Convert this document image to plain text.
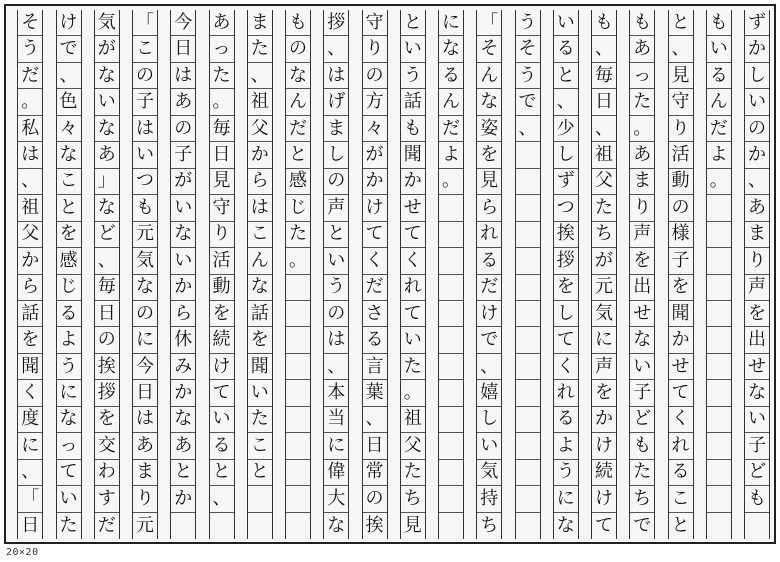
ず
か
し
い
の
か
、
あ
ま
り
声
を
出
せ
な
い
子
ど
も
も
い
る
ん
だ
よ
。
と
、
見
守
り
活
動
の
様
子
を
聞
か
せ
て
く
れ
る
こ
と
も
あ
っ
た
。
あ
ま
り
声
を
出
せ
な
い
子
ど
も
た
ち
で
も
、
毎
日
、
祖
父
た
ち
が
元
気
に
声
を
か
け
続
け
て
い
る
と
、
少
し
ず
つ
挨
拶
を
し
て
く
れ
る
よ
う
に
な
う
そ
う
で
、
「
そ
ん
な
姿
を
見
ら
れ
る
だ
け
で
、
嬉
し
い
気
持
ち
に
な
る
ん
だ
よ
。
と
い
う
話
も
聞
か
せ
て
く
れ
て
い
た
。
祖
父
た
ち
見
守
り
の
方
々
が
か
け
て
く
だ
さ
る
言
葉
、
日
常
の
挨
拶
、
は
げ
ま
し
の
声
と
い
う
の
は
、
本
当
に
偉
大
な
も
の
な
ん
だ
と
感
じ
た
。
ま
た
、
祖
父
か
ら
は
こ
ん
な
話
を
聞
い
た
こ
と
あ
っ
た
。
毎
日
見
守
り
活
動
を
続
け
て
い
る
と
、
今
日
は
あ
の
子
が
い
な
い
か
ら
休
み
か
な
あ
と
か
「
こ
の
子
は
い
つ
も
元
気
な
の
に
今
日
は
あ
ま
り
元
気
が
な
い
な
あ
」
な
ど
、
毎
日
の
挨
拶
を
交
わ
す
だ
け
で
、
色
々
な
こ
と
を
感
じ
る
よ
う
に
な
っ
て
い
た
そ
う
だ
。
私
は
、
祖
父
か
ら
話
を
聞
く
度
に
、
「
日
20×20
